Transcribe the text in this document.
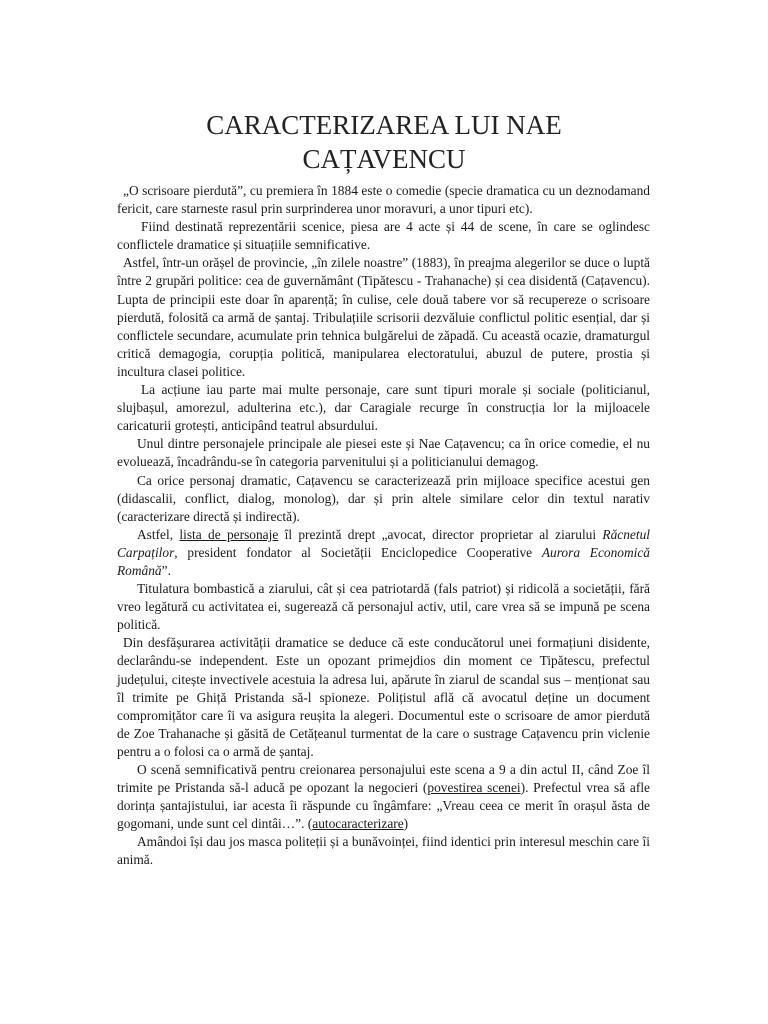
CARACTERIZAREA LUI NAE
CAȚAVENCU

„O scrisoare pierdută”, cu premiera în 1884 este o comedie (specie dramatica cu un deznodamand fericit, care starneste rasul prin surprinderea unor moravuri, a unor tipuri etc).

Fiind destinată reprezentării scenice, piesa are 4 acte și 44 de scene, în care se oglindesc conflictele dramatice și situațiile semnificative.

Astfel, într-un orășel de provincie, „în zilele noastre” (1883), în preajma alegerilor se duce o luptă între 2 grupări politice: cea de guvernământ (Tipătescu - Trahanache) și cea disidentă (Cațavencu). Lupta de principii este doar în aparență; în culise, cele două tabere vor să recupereze o scrisoare pierdută, folosită ca armă de șantaj. Tribulațiile scrisorii dezvăluie conflictul politic esențial, dar și conflictele secundare, acumulate prin tehnica bulgărelui de zăpadă. Cu această ocazie, dramaturgul critică demagogia, corupția politică, manipularea electoratului, abuzul de putere, prostia și incultura clasei politice.

La acțiune iau parte mai multe personaje, care sunt tipuri morale și sociale (politicianul, slujbașul, amorezul, adulterina etc.), dar Caragiale recurge în construcția lor la mijloacele caricaturii grotești, anticipând teatrul absurdului.

Unul dintre personajele principale ale piesei este și Nae Cațavencu; ca în orice comedie, el nu evoluează, încadrându-se în categoria parvenitului și a politicianului demagog.

Ca orice personaj dramatic, Cațavencu se caracterizează prin mijloace specifice acestui gen (didascalii, conflict, dialog, monolog), dar și prin altele similare celor din textul narativ (caracterizare directă și indirectă).

Astfel, lista de personaje îl prezintă drept „avocat, director proprietar al ziarului Răcnetul Carpaților, president fondator al Societății Enciclopedice Cooperative Aurora Economică Română”.

Titulatura bombastică a ziarului, cât și cea patriotardă (fals patriot) și ridicolă a societății, fără vreo legătură cu activitatea ei, sugerează că personajul activ, util, care vrea să se impună pe scena politică.

Din desfășurarea activității dramatice se deduce că este conducătorul unei formațiuni disidente, declarându-se independent. Este un opozant primejdios din moment ce Tipătescu, prefectul județului, citește invectivele acestuia la adresa lui, apărute în ziarul de scandal sus – menționat sau îl trimite pe Ghiță Pristanda să-l spioneze. Polițistul află că avocatul deține un document compromițător care îi va asigura reușita la alegeri. Documentul este o scrisoare de amor pierdută de Zoe Trahanache și găsită de Cetățeanul turmentat de la care o sustrage Cațavencu prin viclenie pentru a o folosi ca o armă de șantaj.

O scenă semnificativă pentru creionarea personajului este scena a 9 a din actul II, când Zoe îl trimite pe Pristanda să-l aducă pe opozant la negocieri (povestirea scenei). Prefectul vrea să afle dorința șantajistului, iar acesta îi răspunde cu îngâmfare: „Vreau ceea ce merit în orașul ăsta de gogomani, unde sunt cel dintâi…”. (autocaracterizare)

Amândoi își dau jos masca politeții și a bunăvoinței, fiind identici prin interesul meschin care îi animă.
